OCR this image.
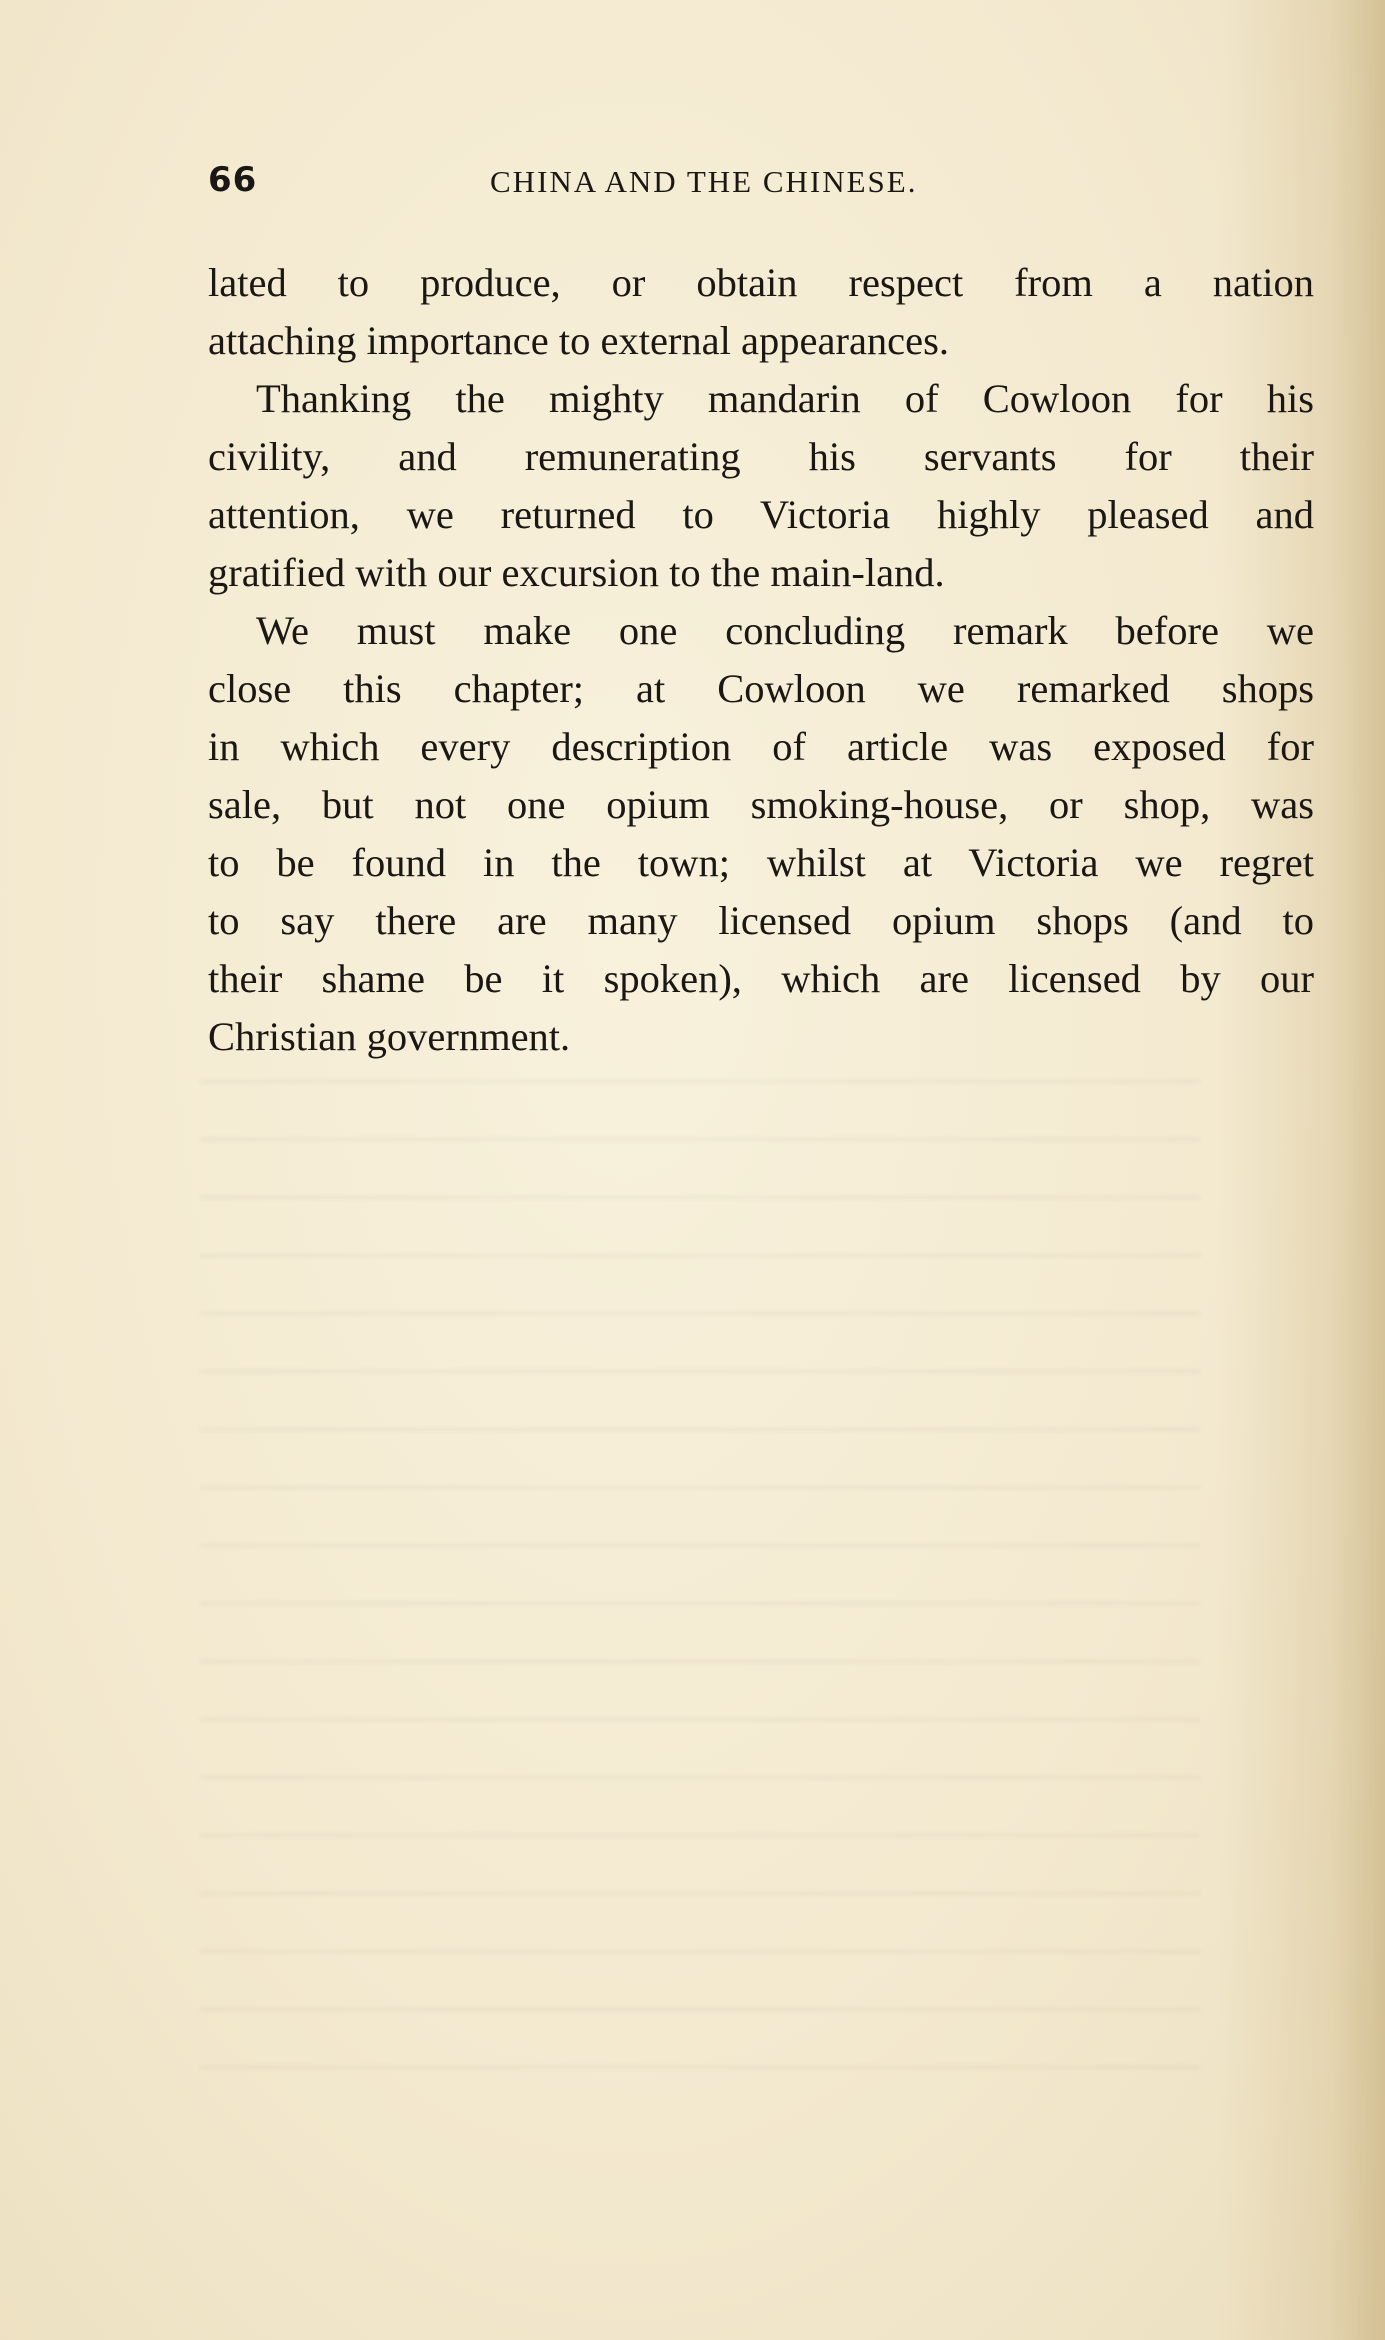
66	CHINA AND THE CHINESE.
lated to produce, or obtain respect from a nation
attaching importance to external appearances.
Thanking the mighty mandarin of Cowloon for his
civility, and remunerating his servants for their
attention, we returned to Victoria highly pleased and
gratified with our excursion to the main-land.
We must make one concluding remark before we
close this chapter; at Cowloon we remarked shops
in which every description of article was exposed for
sale, but not one opium smoking-house, or shop, was
to be found in the town; whilst at Victoria we regret
to say there are many licensed opium shops (and to
their shame be it spoken), which are licensed by our
Christian government.
